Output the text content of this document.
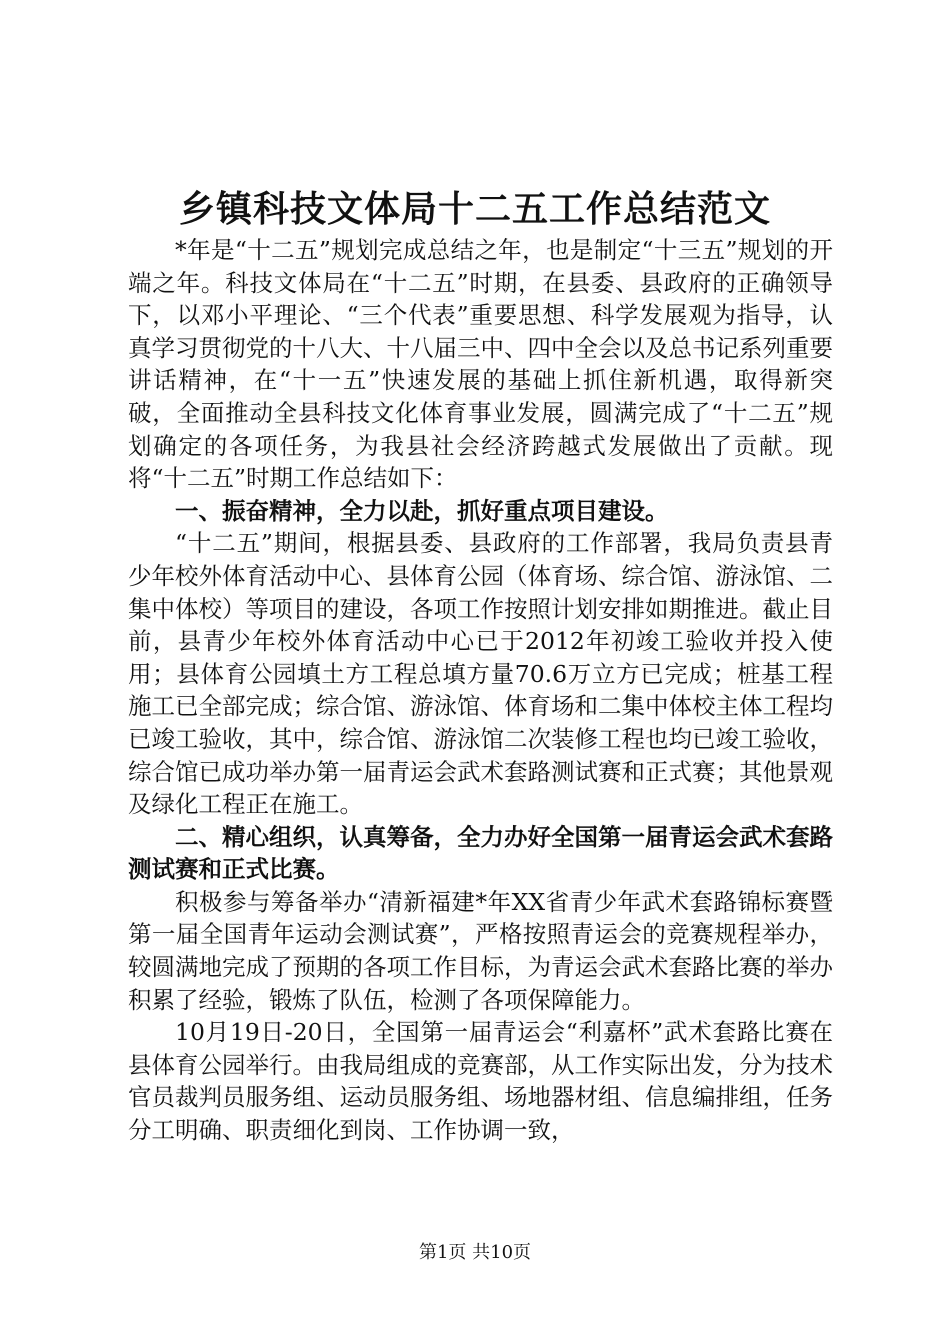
乡镇科技文体局十二五工作总结范文

*年是“十二五”规划完成总结之年，也是制定“十三五”规划的开端之年。科技文体局在“十二五”时期，在县委、县政府的正确领导下，以邓小平理论、“三个代表”重要思想、科学发展观为指导，认真学习贯彻党的十八大、十八届三中、四中全会以及总书记系列重要讲话精神，在“十一五”快速发展的基础上抓住新机遇，取得新突破，全面推动全县科技文化体育事业发展，圆满完成了“十二五”规划确定的各项任务，为我县社会经济跨越式发展做出了贡献。现将“十二五”时期工作总结如下：

一、振奋精神，全力以赴，抓好重点项目建设。

“十二五”期间，根据县委、县政府的工作部署，我局负责县青少年校外体育活动中心、县体育公园（体育场、综合馆、游泳馆、二集中体校）等项目的建设，各项工作按照计划安排如期推进。截止目前，县青少年校外体育活动中心已于2012年初竣工验收并投入使用；县体育公园填土方工程总填方量70.6万立方已完成；桩基工程施工已全部完成；综合馆、游泳馆、体育场和二集中体校主体工程均已竣工验收，其中，综合馆、游泳馆二次装修工程也均已竣工验收，综合馆已成功举办第一届青运会武术套路测试赛和正式赛；其他景观及绿化工程正在施工。

二、精心组织，认真筹备，全力办好全国第一届青运会武术套路测试赛和正式比赛。

积极参与筹备举办“清新福建*年XX省青少年武术套路锦标赛暨第一届全国青年运动会测试赛”，严格按照青运会的竞赛规程举办，较圆满地完成了预期的各项工作目标，为青运会武术套路比赛的举办积累了经验，锻炼了队伍，检测了各项保障能力。

10月19日-20日，全国第一届青运会“利嘉杯”武术套路比赛在县体育公园举行。由我局组成的竞赛部，从工作实际出发，分为技术官员裁判员服务组、运动员服务组、场地器材组、信息编排组，任务分工明确、职责细化到岗、工作协调一致，

第1页 共10页
